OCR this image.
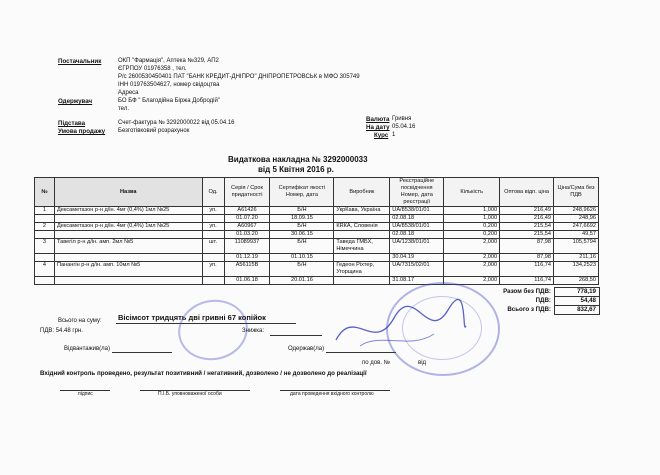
Постачальник	ОКП "Фармація", Аптека №329, АП2
ЄГРПОУ 01976358 , тел.
Р/с 2600530450401 ПАТ "БАНК КРЕДИТ-ДНІПРО" ДНІПРОПЕТРОВСЬК в МФО 305749
ІНН 019763504627, номер свідоцтва
Адреса
Одержувач	БО БФ " Благодійна Біржа Добродій"
тел.
Валюта Гривня
На дату 05.04.16
Курс 1
Підстава	Счет-фактура № 3292000022 від 05.04.16
Умова продажу Безготівковий розрахунок
Видаткова накладна № 3292000033
від 5 Квітня 2016 р.
№	Назва	Од.	Серія / Срок придатності	Сертифікат якості Номер, дата	Виробник	Реєстраційне посвідчення Номер, дата реєстрації	Кількість	Оптова відп. ціна	Ціна/Сума без ПДВ
1	Дексаметазон р-н д/ін. 4мг (0,4%) 1мл №25	уп.	А61426	Б/Н	УкрКава, Україна	UA/8538/01/01	1,000	216,49	248,9626
			01.07.20	18.09.15		02.08.18	1,000	216,49	248,96
2	Дексаметазон р-н д/ін. 4мг (0,4%) 1мл №25	уп.	А60967	Б/Н	КRКА, Словенія	UA/8538/01/01	0,200	215,54	247,6692
			01.03.20	30.06.15		02.08.18	0,200	215,54	49,57
3	Тавегіл р-н д/ін. амп. 2мл №5	шт.	11089937	Б/Н	Таведа ГМБХ, Німеччина	UA/1238/01/01	2,000	87,98	105,5794
			01.12.19	01.10.15		30.04.19	2,000	87,98	211,16
4	Панангін р-н д/ін. амп. 10мл №5	уп.	А56115В	Б/Н	Гедеон Ріхтер, Угорщина	UA/7315/02/01	2,000	116,74	134,2523
			01.06.18	20.01.16		31.08.17	2,000	116,74	268,50
Разом без ПДВ:	778,19
ПДВ:	54,48
Всього з ПДВ:	832,67
Всього на суму: Вісімсот тридцять дві гривні 67 копійок
ПДВ: 54.48 грн.	Знижка:
Відвантажив(ла)	Одержав(ла)
по дов. №	від
Вхідний контроль проведено, результат позитивний / негативний, дозволено / не дозволено до реалізації
підпис	П.І.Б. уповноваженої особи	дата проведення вхідного контролю
